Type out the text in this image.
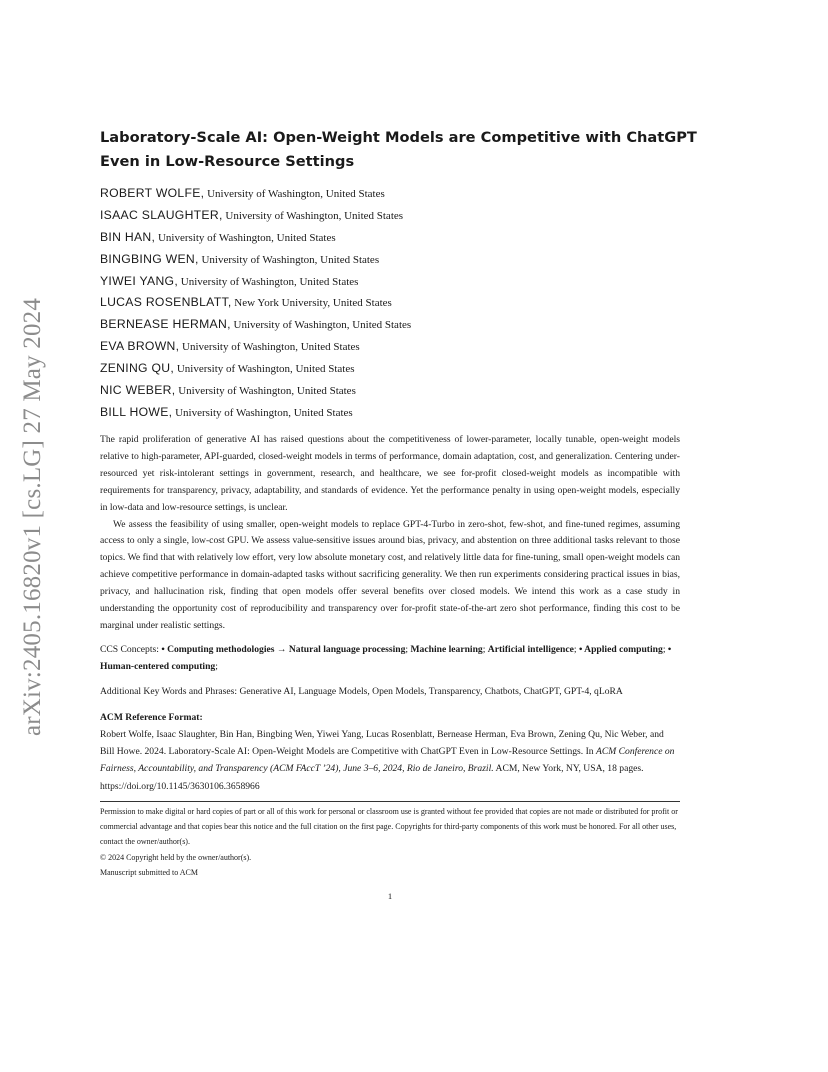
arXiv:2405.16820v1 [cs.LG] 27 May 2024
Laboratory-Scale AI: Open-Weight Models are Competitive with ChatGPT Even in Low-Resource Settings
ROBERT WOLFE, University of Washington, United States
ISAAC SLAUGHTER, University of Washington, United States
BIN HAN, University of Washington, United States
BINGBING WEN, University of Washington, United States
YIWEI YANG, University of Washington, United States
LUCAS ROSENBLATT, New York University, United States
BERNEASE HERMAN, University of Washington, United States
EVA BROWN, University of Washington, United States
ZENING QU, University of Washington, United States
NIC WEBER, University of Washington, United States
BILL HOWE, University of Washington, United States

The rapid proliferation of generative AI has raised questions about the competitiveness of lower-parameter, locally tunable, open-weight models relative to high-parameter, API-guarded, closed-weight models in terms of performance, domain adaptation, cost, and generalization. Centering under-resourced yet risk-intolerant settings in government, research, and healthcare, we see for-profit closed-weight models as incompatible with requirements for transparency, privacy, adaptability, and standards of evidence. Yet the performance penalty in using open-weight models, especially in low-data and low-resource settings, is unclear.

We assess the feasibility of using smaller, open-weight models to replace GPT-4-Turbo in zero-shot, few-shot, and fine-tuned regimes, assuming access to only a single, low-cost GPU. We assess value-sensitive issues around bias, privacy, and abstention on three additional tasks relevant to those topics. We find that with relatively low effort, very low absolute monetary cost, and relatively little data for fine-tuning, small open-weight models can achieve competitive performance in domain-adapted tasks without sacrificing generality. We then run experiments considering practical issues in bias, privacy, and hallucination risk, finding that open models offer several benefits over closed models. We intend this work as a case study in understanding the opportunity cost of reproducibility and transparency over for-profit state-of-the-art zero shot performance, finding this cost to be marginal under realistic settings.

CCS Concepts: • Computing methodologies → Natural language processing; Machine learning; Artificial intelligence; • Applied computing; • Human-centered computing;
Additional Key Words and Phrases: Generative AI, Language Models, Open Models, Transparency, Chatbots, ChatGPT, GPT-4, qLoRA
ACM Reference Format:
Robert Wolfe, Isaac Slaughter, Bin Han, Bingbing Wen, Yiwei Yang, Lucas Rosenblatt, Bernease Herman, Eva Brown, Zening Qu, Nic Weber, and Bill Howe. 2024. Laboratory-Scale AI: Open-Weight Models are Competitive with ChatGPT Even in Low-Resource Settings. In ACM Conference on Fairness, Accountability, and Transparency (ACM FAccT ’24), June 3–6, 2024, Rio de Janeiro, Brazil. ACM, New York, NY, USA, 18 pages. https://doi.org/10.1145/3630106.3658966

Permission to make digital or hard copies of part or all of this work for personal or classroom use is granted without fee provided that copies are not made or distributed for profit or commercial advantage and that copies bear this notice and the full citation on the first page. Copyrights for third-party components of this work must be honored. For all other uses, contact the owner/author(s).

© 2024 Copyright held by the owner/author(s).

Manuscript submitted to ACM

1
